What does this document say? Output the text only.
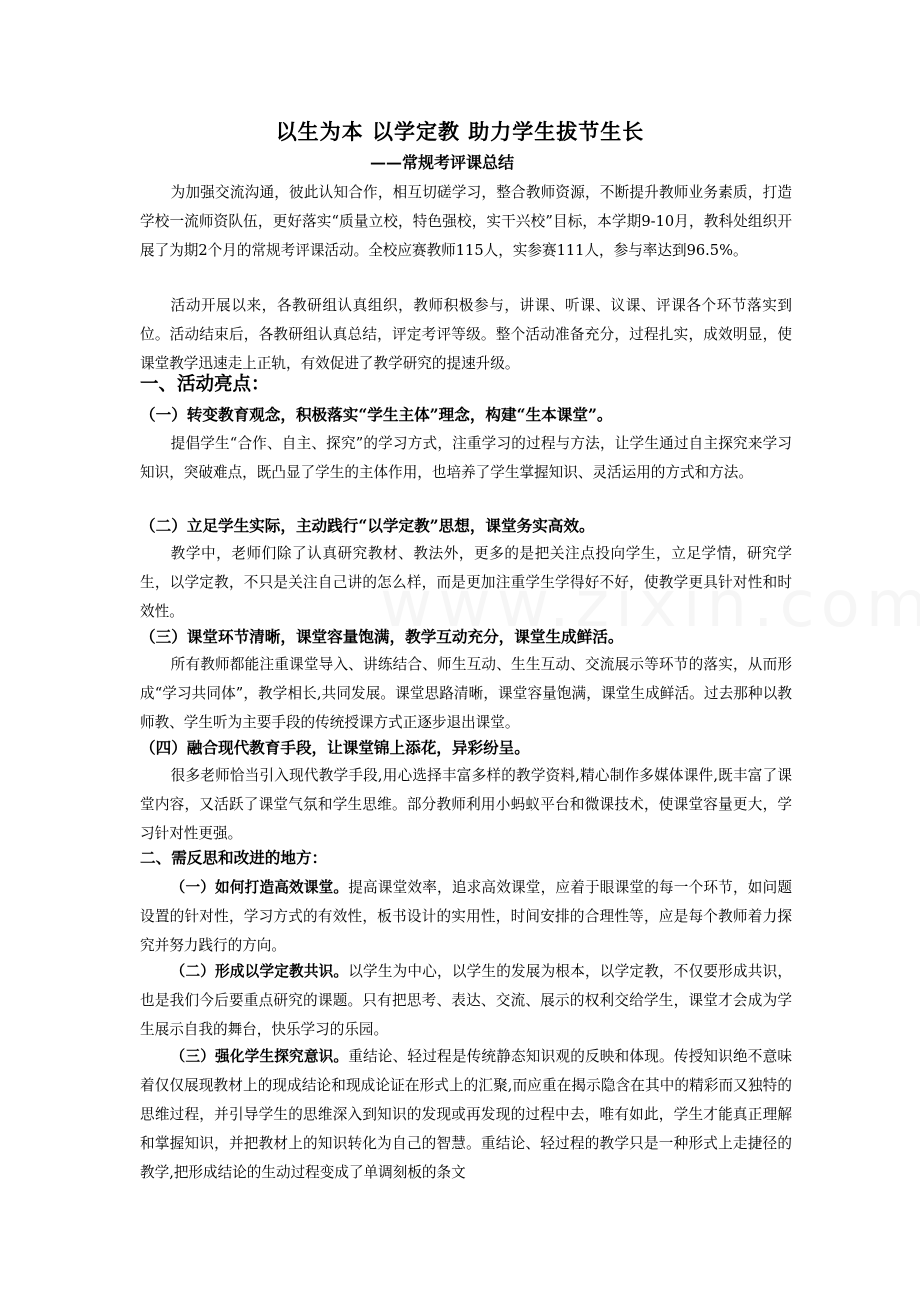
以生为本 以学定教 助力学生拔节生长
——常规考评课总结

为加强交流沟通，彼此认知合作，相互切磋学习，整合教师资源，不断提升教师业务素质，打造学校一流师资队伍，更好落实“质量立校，特色强校，实干兴校”目标，本学期9-10月，教科处组织开展了为期2个月的常规考评课活动。全校应赛教师115人，实参赛111人，参与率达到96.5%。

活动开展以来，各教研组认真组织，教师积极参与，讲课、听课、议课、评课各个环节落实到位。活动结束后，各教研组认真总结，评定考评等级。整个活动准备充分，过程扎实，成效明显，使课堂教学迅速走上正轨，有效促进了教学研究的提速升级。

一、活动亮点：
（一）转变教育观念，积极落实“学生主体”理念，构建“生本课堂”。

提倡学生“合作、自主、探究”的学习方式，注重学习的过程与方法，让学生通过自主探究来学习知识，突破难点，既凸显了学生的主体作用，也培养了学生掌握知识、灵活运用的方式和方法。

（二）立足学生实际，主动践行“以学定教”思想，课堂务实高效。

教学中，老师们除了认真研究教材、教法外，更多的是把关注点投向学生，立足学情，研究学生，以学定教，不只是关注自己讲的怎么样，而是更加注重学生学得好不好，使教学更具针对性和时效性。

（三）课堂环节清晰，课堂容量饱满，教学互动充分，课堂生成鲜活。

所有教师都能注重课堂导入、讲练结合、师生互动、生生互动、交流展示等环节的落实，从而形成“学习共同体”，教学相长,共同发展。课堂思路清晰，课堂容量饱满，课堂生成鲜活。过去那种以教师教、学生听为主要手段的传统授课方式正逐步退出课堂。

（四）融合现代教育手段，让课堂锦上添花，异彩纷呈。

很多老师恰当引入现代教学手段,用心选择丰富多样的教学资料,精心制作多媒体课件,既丰富了课堂内容，又活跃了课堂气氛和学生思维。部分教师利用小蚂蚁平台和微课技术，使课堂容量更大，学习针对性更强。

二、需反思和改进的地方：

（一）如何打造高效课堂。提高课堂效率，追求高效课堂，应着于眼课堂的每一个环节，如问题设置的针对性，学习方式的有效性，板书设计的实用性，时间安排的合理性等，应是每个教师着力探究并努力践行的方向。

（二）形成以学定教共识。以学生为中心，以学生的发展为根本，以学定教，不仅要形成共识，也是我们今后要重点研究的课题。只有把思考、表达、交流、展示的权利交给学生，课堂才会成为学生展示自我的舞台，快乐学习的乐园。

（三）强化学生探究意识。重结论、轻过程是传统静态知识观的反映和体现。传授知识绝不意味着仅仅展现教材上的现成结论和现成论证在形式上的汇聚,而应重在揭示隐含在其中的精彩而又独特的思维过程，并引导学生的思维深入到知识的发现或再发现的过程中去，唯有如此，学生才能真正理解和掌握知识，并把教材上的知识转化为自己的智慧。重结论、轻过程的教学只是一种形式上走捷径的教学,把形成结论的生动过程变成了单调刻板的条文
